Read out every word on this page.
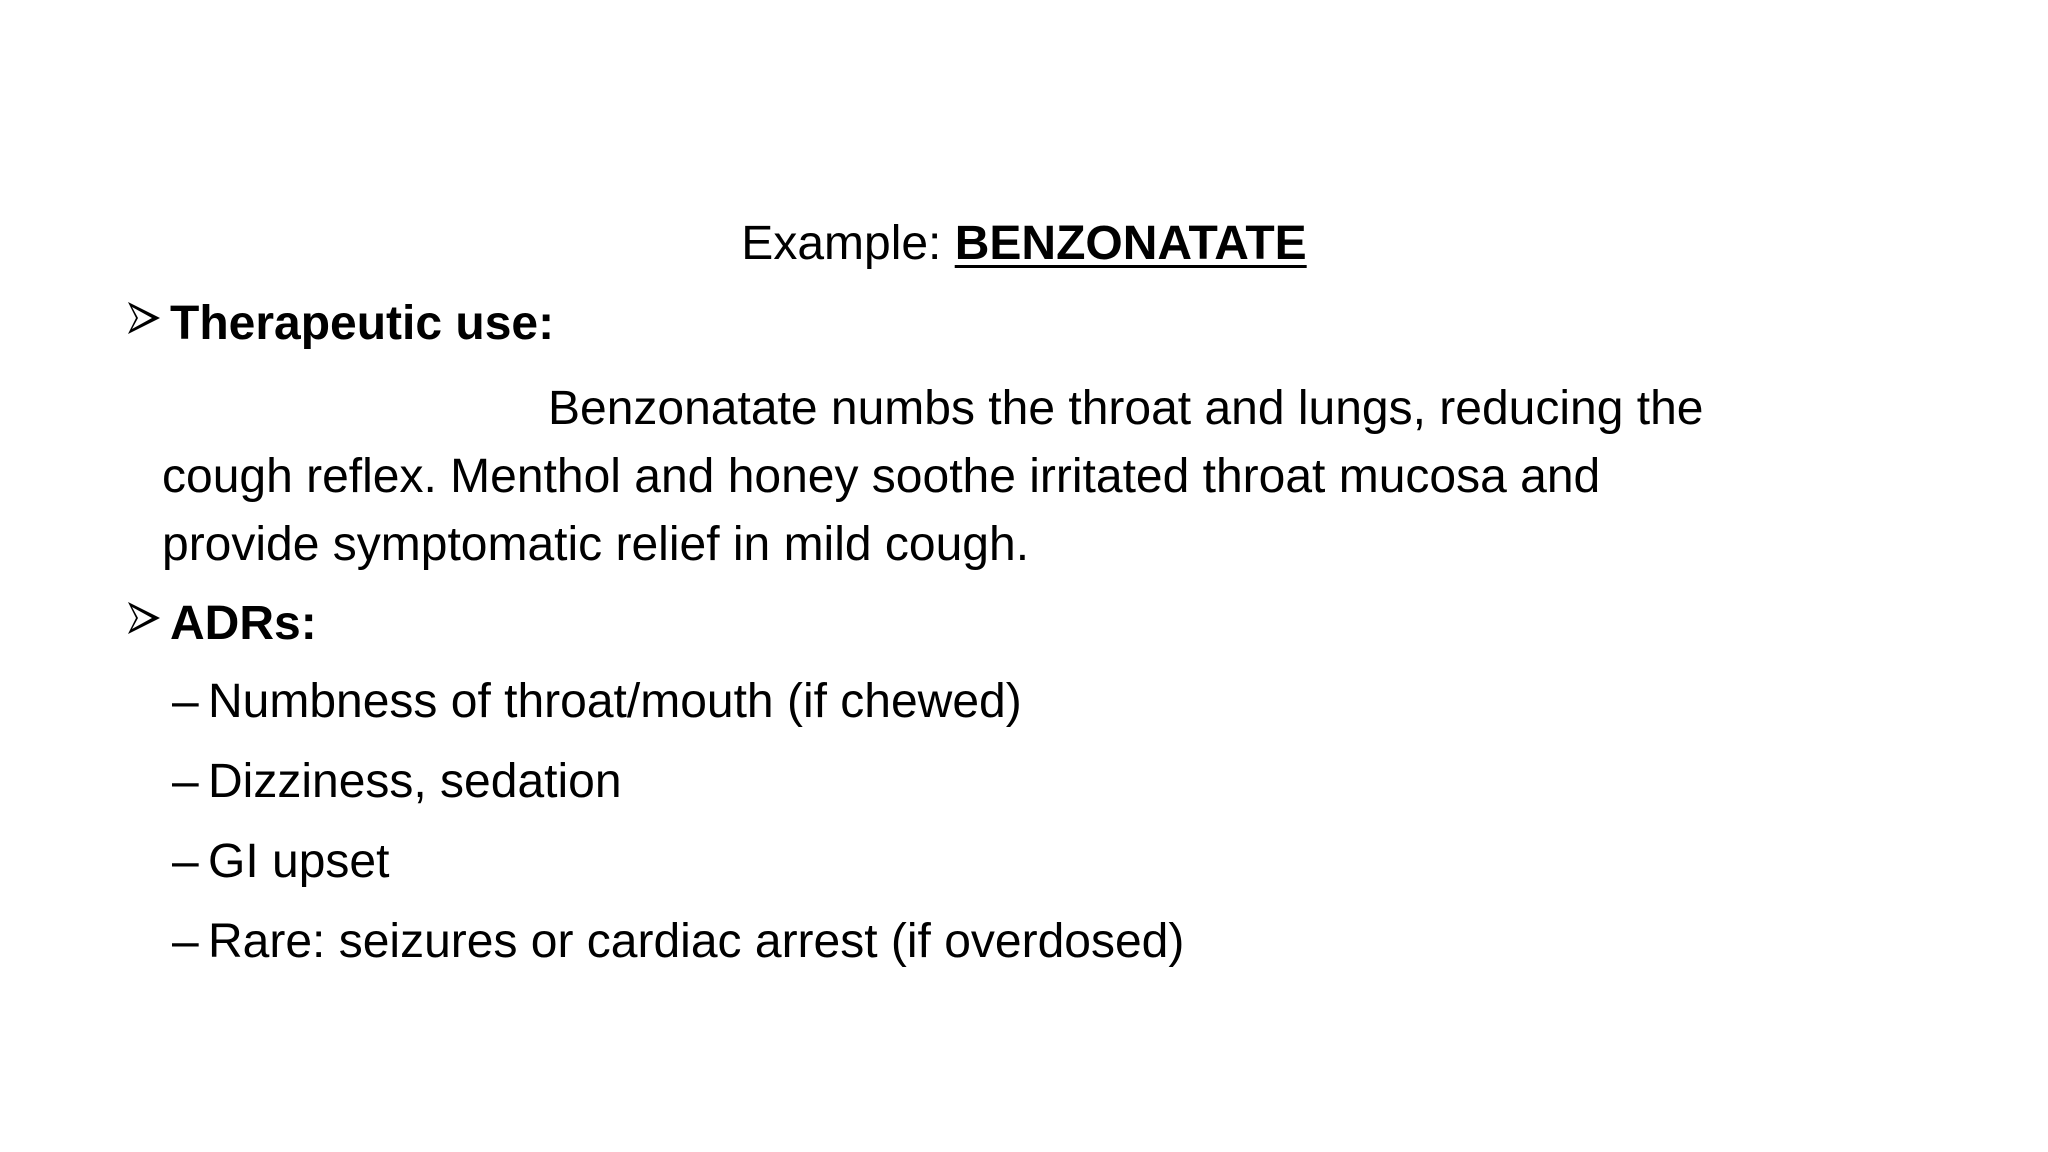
Example: BENZONATATE
Therapeutic use:
Benzonatate numbs the throat and lungs, reducing the
cough reflex. Menthol and honey soothe irritated throat mucosa and
provide symptomatic relief in mild cough.
ADRs:
– Numbness of throat/mouth (if chewed)
– Dizziness, sedation
– GI upset
– Rare: seizures or cardiac arrest (if overdosed)
